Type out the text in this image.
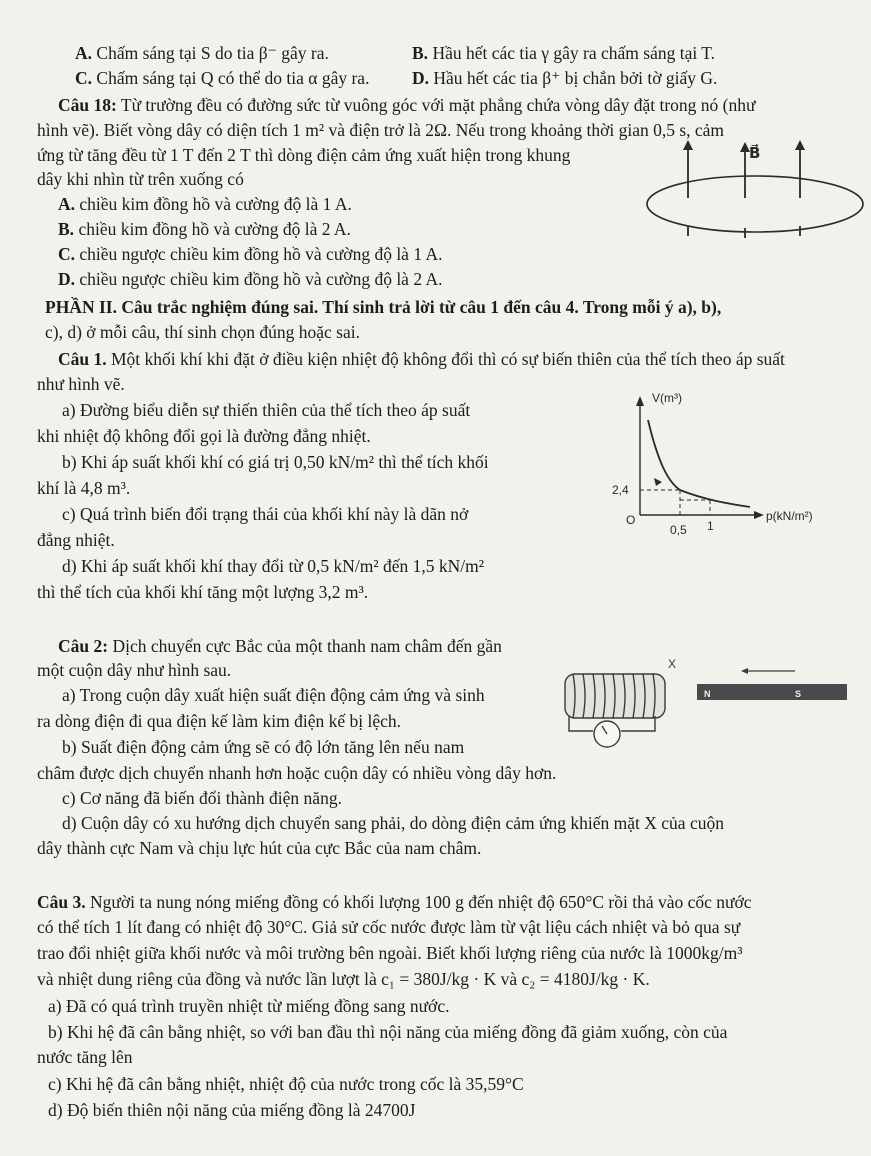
A. Chấm sáng tại S do tia β⁻ gây ra.	B. Hầu hết các tia γ gây ra chấm sáng tại T.
C. Chấm sáng tại Q có thể do tia α gây ra. D. Hầu hết các tia β⁺ bị chắn bởi tờ giấy G.
Câu 18: Từ trường đều có đường sức từ vuông góc với mặt phẳng chứa vòng dây đặt trong nó (như
hình vẽ). Biết vòng dây có diện tích 1 m² và điện trở là 2Ω. Nếu trong khoảng thời gian 0,5 s, cảm
ứng từ tăng đều từ 1 T đến 2 T thì dòng điện cảm ứng xuất hiện trong khung
dây khi nhìn từ trên xuống có
A. chiều kim đồng hồ và cường độ là 1 A.
B. chiều kim đồng hồ và cường độ là 2 A.
C. chiều ngược chiều kim đồng hồ và cường độ là 1 A.
D. chiều ngược chiều kim đồng hồ và cường độ là 2 A.
B⃗
PHẦN II. Câu trắc nghiệm đúng sai. Thí sinh trả lời từ câu 1 đến câu 4. Trong mỗi ý a), b),
c), d) ở mỗi câu, thí sinh chọn đúng hoặc sai.
Câu 1. Một khối khí khi đặt ở điều kiện nhiệt độ không đổi thì có sự biến thiên của thể tích theo áp suất
như hình vẽ.
a) Đường biểu diễn sự thiến thiên của thể tích theo áp suất
khi nhiệt độ không đổi gọi là đường đẳng nhiệt.
b) Khi áp suất khối khí có giá trị 0,50 kN/m² thì thể tích khối
khí là 4,8 m³.
c) Quá trình biến đổi trạng thái của khối khí này là dãn nở
đẳng nhiệt.
d) Khi áp suất khối khí thay đổi từ 0,5 kN/m² đến 1,5 kN/m²
thì thể tích của khối khí tăng một lượng 3,2 m³.
V(m³)
p(kN/m²)
O
2,4
0,5 1
Câu 2: Dịch chuyển cực Bắc của một thanh nam châm đến gần
một cuộn dây như hình sau.
a) Trong cuộn dây xuất hiện suất điện động cảm ứng và sinh
ra dòng điện đi qua điện kế làm kim điện kế bị lệch.
b) Suất điện động cảm ứng sẽ có độ lớn tăng lên nếu nam
châm được dịch chuyển nhanh hơn hoặc cuộn dây có nhiều vòng dây hơn.
c) Cơ năng đã biến đổi thành điện năng.
d) Cuộn dây có xu hướng dịch chuyển sang phải, do dòng điện cảm ứng khiến mặt X của cuộn
dây thành cực Nam và chịu lực hút của cực Bắc của nam châm.
X
N	S
Câu 3. Người ta nung nóng miếng đồng có khối lượng 100 g đến nhiệt độ 650°C rồi thả vào cốc nước
có thể tích 1 lít đang có nhiệt độ 30°C. Giả sử cốc nước được làm từ vật liệu cách nhiệt và bỏ qua sự
trao đổi nhiệt giữa khối nước và môi trường bên ngoài. Biết khối lượng riêng của nước là 1000kg/m³
và nhiệt dung riêng của đồng và nước lần lượt là c₁ = 380J/kg · K và c₂ = 4180J/kg · K.
a) Đã có quá trình truyền nhiệt từ miếng đồng sang nước.
b) Khi hệ đã cân bằng nhiệt, so với ban đầu thì nội năng của miếng đồng đã giảm xuống, còn của
nước tăng lên
c) Khi hệ đã cân bằng nhiệt, nhiệt độ của nước trong cốc là 35,59°C
d) Độ biến thiên nội năng của miếng đồng là 24700J
